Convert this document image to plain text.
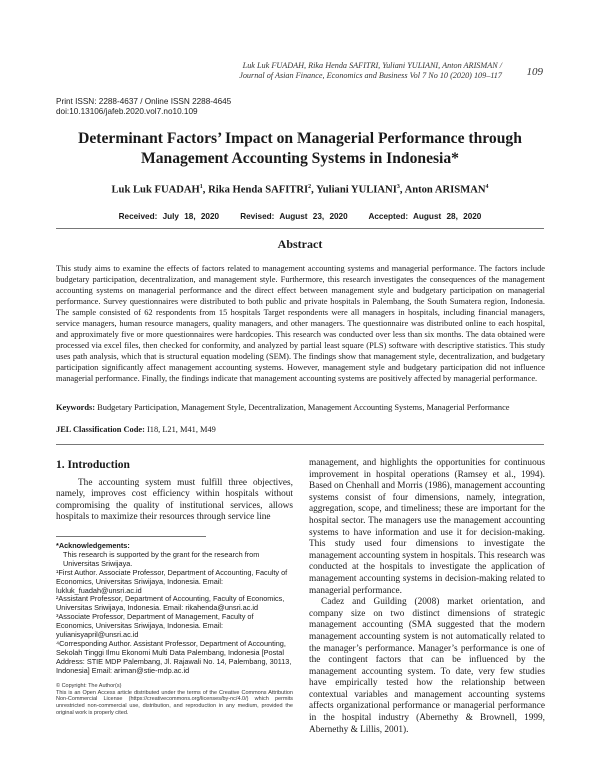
Luk Luk FUADAH, Rika Henda SAFITRI, Yuliani YULIANI, Anton ARISMAN /
Journal of Asian Finance, Economics and Business Vol 7 No 10 (2020) 109–117 109
Print ISSN: 2288-4637 / Online ISSN 2288-4645
doi:10.13106/jafeb.2020.vol7.no10.109
Determinant Factors’ Impact on Managerial Performance through
Management Accounting Systems in Indonesia*
Luk Luk FUADAH$^1$, Rika Henda SAFITRI$^2$, Yuliani YULIANI$^3$, Anton ARISMAN$^4$
Received: July 18, 2020	Revised: August 23, 2020	Accepted: August 28, 2020
Abstract
This study aims to examine the effects of factors related to management accounting systems and managerial performance. The factors include budgetary participation, decentralization, and management style. Furthermore, this research investigates the consequences of the management accounting systems on managerial performance and the direct effect between management style and budgetary participation on managerial performance. Survey questionnaires were distributed to both public and private hospitals in Palembang, the South Sumatera region, Indonesia. The sample consisted of 62 respondents from 15 hospitals Target respondents were all managers in hospitals, including financial managers, service managers, human resource managers, quality managers, and other managers. The questionnaire was distributed online to each hospital, and approximately five or more questionnaires were hardcopies. This research was conducted over less than six months. The data obtained were processed via excel files, then checked for conformity, and analyzed by partial least square (PLS) software with descriptive statistics. This study uses path analysis, which that is structural equation modeling (SEM). The findings show that management style, decentralization, and budgetary participation significantly affect management accounting systems. However, management style and budgetary participation did not influence managerial performance. Finally, the findings indicate that management accounting systems are positively affected by managerial performance.
Keywords: Budgetary Participation, Management Style, Decentralization, Management Accounting Systems, Managerial Performance
JEL Classification Code: I18, L21, M41, M49
1. Introduction
The accounting system must fulfill three objectives, namely, improves cost efficiency within hospitals without compromising the quality of institutional services, allows hospitals to maximize their resources through service line
*Acknowledgements:
This research is supported by the grant for the research from Universitas Sriwijaya.
¹First Author. Associate Professor, Department of Accounting, Faculty of Economics, Universitas Sriwijaya, Indonesia. Email: lukluk_fuadah@unsri.ac.id
²Assistant Professor, Department of Accounting, Faculty of Economics, Universitas Sriwijaya, Indonesia. Email: rikahenda@unsri.ac.id
³Associate Professor, Department of Management, Faculty of Economics, Universitas Sriwijaya, Indonesia. Email: yulianisyapril@unsri.ac.id
⁴Corresponding Author. Assistant Professor, Department of Accounting, Sekolah Tinggi Ilmu Ekonomi Multi Data Palembang, Indonesia [Postal Address: STIE MDP Palembang, Jl. Rajawali No. 14, Palembang, 30113, Indonesia] Email: ariman@stie-mdp.ac.id
© Copyright: The Author(s)
This is an Open Access article distributed under the terms of the Creative Commons Attribution Non-Commercial License (https://creativecommons.org/licenses/by-nc/4.0/) which permits unrestricted non-commercial use, distribution, and reproduction in any medium, provided the original work is properly cited.

management, and highlights the opportunities for continuous improvement in hospital operations (Ramsey et al., 1994). Based on Chenhall and Morris (1986), management accounting systems consist of four dimensions, namely, integration, aggregation, scope, and timeliness; these are important for the hospital sector. The managers use the management accounting systems to have information and use it for decision-making. This study used four dimensions to investigate the management accounting system in hospitals. This research was conducted at the hospitals to investigate the application of management accounting systems in decision-making related to managerial performance.

Cadez and Guilding (2008) market orientation, and company size on two distinct dimensions of strategic management accounting (SMA suggested that the modern management accounting system is not automatically related to the manager’s performance. Manager’s performance is one of the contingent factors that can be influenced by the management accounting system. To date, very few studies have empirically tested how the relationship between contextual variables and management accounting systems affects organizational performance or managerial performance in the hospital industry (Abernethy & Brownell, 1999, Abernethy & Lillis, 2001).
